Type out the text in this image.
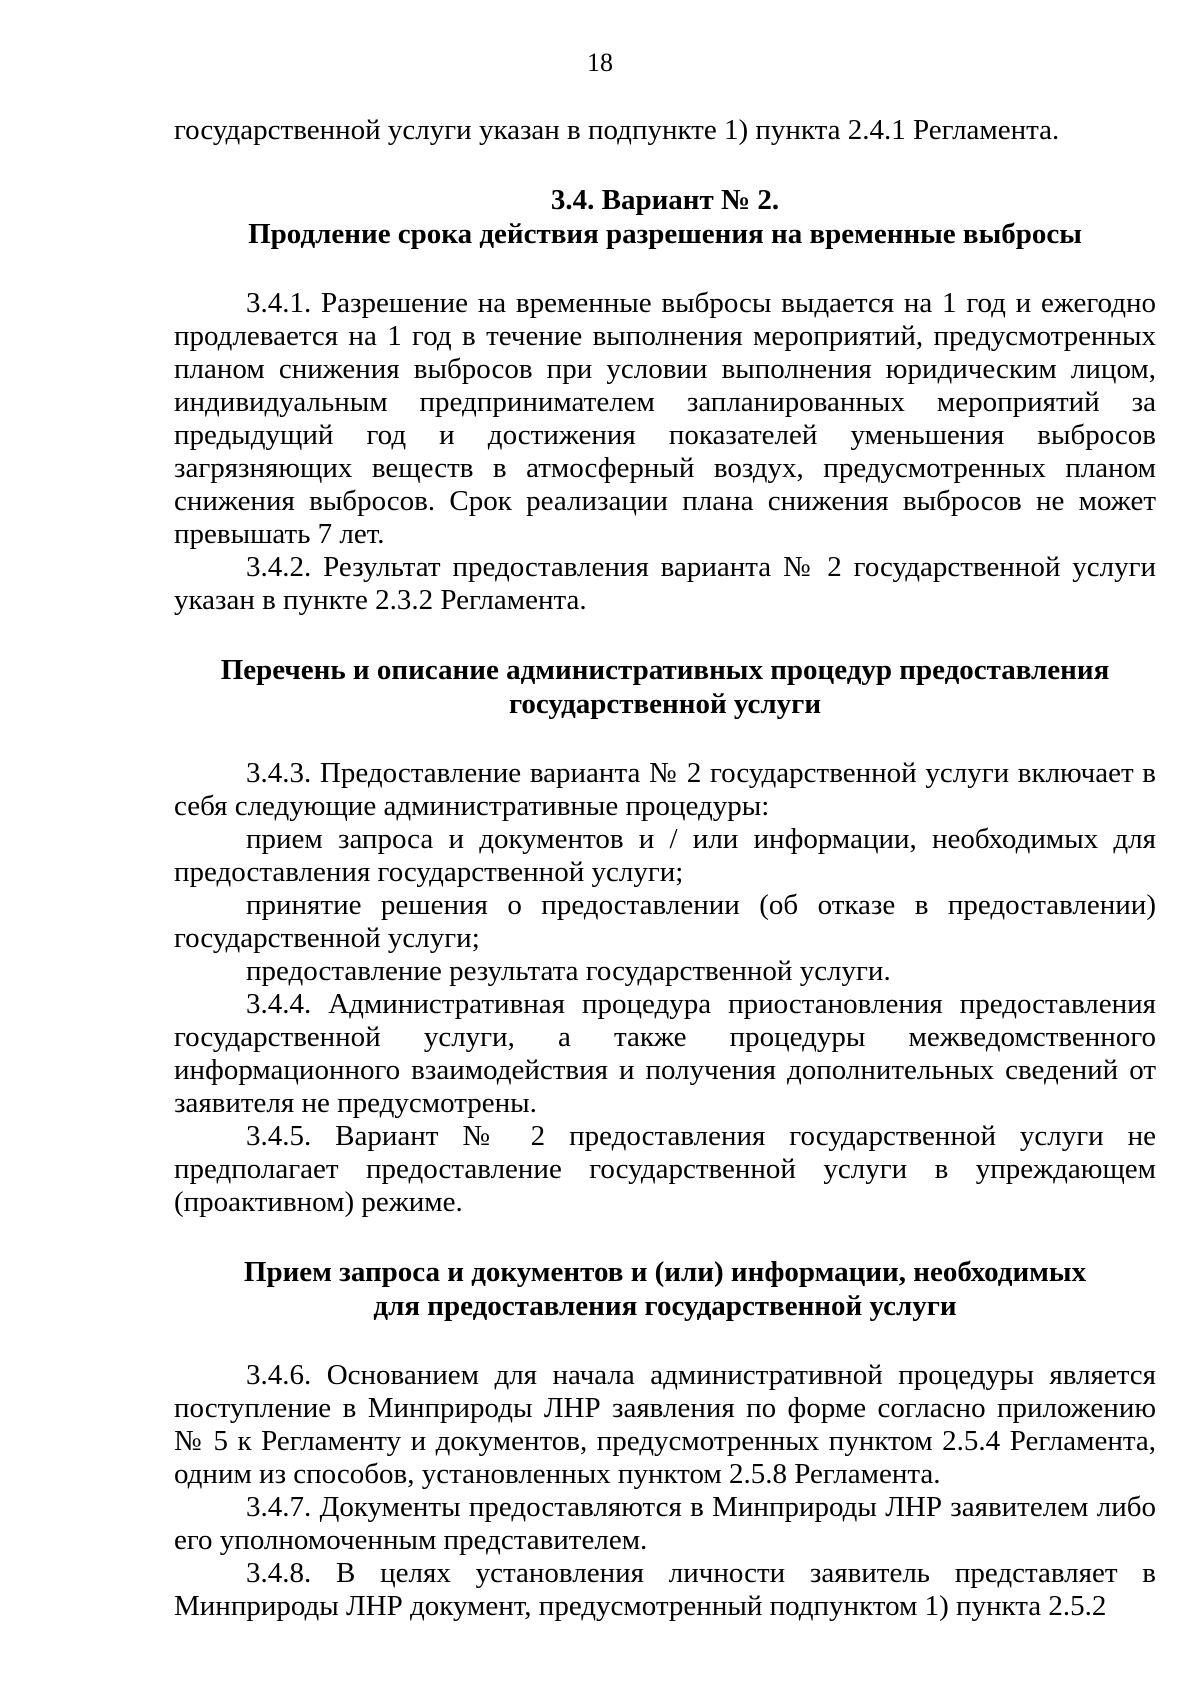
18

государственной услуги указан в подпункте 1) пункта 2.4.1 Регламента.

3.4. Вариант № 2.
Продление срока действия разрешения на временные выбросы

3.4.1. Разрешение на временные выбросы выдается на 1 год и ежегодно продлевается на 1 год в течение выполнения мероприятий, предусмотренных планом снижения выбросов при условии выполнения юридическим лицом, индивидуальным предпринимателем запланированных мероприятий за предыдущий год и достижения показателей уменьшения выбросов загрязняющих веществ в атмосферный воздух, предусмотренных планом снижения выбросов. Срок реализации плана снижения выбросов не может превышать 7 лет.

3.4.2. Результат предоставления варианта № 2 государственной услуги указан в пункте 2.3.2 Регламента.

Перечень и описание административных процедур предоставления
государственной услуги

3.4.3. Предоставление варианта № 2 государственной услуги включает в себя следующие административные процедуры:

прием запроса и документов и / или информации, необходимых для предоставления государственной услуги;

принятие решения о предоставлении (об отказе в предоставлении) государственной услуги;

предоставление результата государственной услуги.

3.4.4. Административная процедура приостановления предоставления государственной услуги, а также процедуры межведомственного информационного взаимодействия и получения дополнительных сведений от заявителя не предусмотрены.

3.4.5. Вариант № 2 предоставления государственной услуги не предполагает предоставление государственной услуги в упреждающем (проактивном) режиме.

Прием запроса и документов и (или) информации, необходимых
для предоставления государственной услуги

3.4.6. Основанием для начала административной процедуры является поступление в Минприроды ЛНР заявления по форме согласно приложению № 5 к Регламенту и документов, предусмотренных пунктом 2.5.4 Регламента, одним из способов, установленных пунктом 2.5.8 Регламента.

3.4.7. Документы предоставляются в Минприроды ЛНР заявителем либо его уполномоченным представителем.

3.4.8. В целях установления личности заявитель представляет в Минприроды ЛНР документ, предусмотренный подпунктом 1) пункта 2.5.2
